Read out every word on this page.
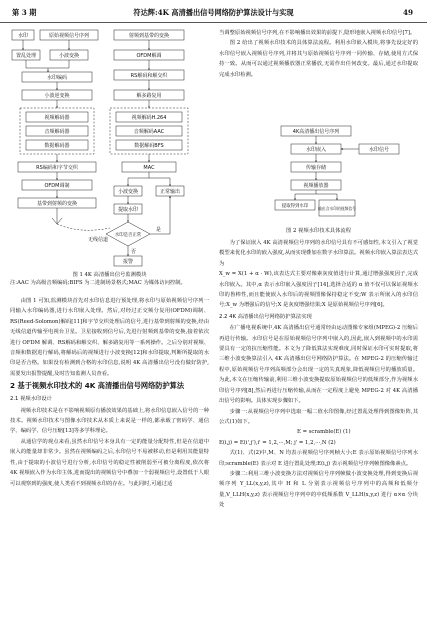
第 3 期	符达辉:4K 高清播出信号网络防护算法设计与实现	49
水印	原始视频信号序列
置乱处理	小波变换
水印编码
小波逆变换
视频解码器
音频解码器
数据解码器
RS编码和字节交织
OFDM调制
基带到射频的变换
无线信道
射频到基带的变换
OFDM解调
RS解码和解交织
解多路复用
视频解码H.264
音频解码AAC
数据解码BFS
MAC
小波变换	正常输出
提取水印
水印是否正常
是
否
报警
图 1 4K 高清播出信号监测模块
注:AAC 为高级音频编码;BIFS 为二进制场景格式;MAC 为媒体访问控制。

由图 1 可知,监测模块首先对水印信息进行预处理,将水印与原始视频信号序列一同输入水印编码器,进行水印嵌入处理。然后,对经过正交频分复用(OFDM)调制、RS(Reed-Solomon)解码[11]和字节交织处理后的信号,进行基带到射频的变换,经由无线信道传输至电视台卫星。卫星接收到信号后,先进行射频到基带的变换,接着依次进行 OFDM 解调、RS解码和解交织、解多路复用等一系列操作。之后分别对视频、音频和数据进行解码,将解码后的视频进行小波变换[12]和水印提取,判断所提取的水印是否合格。如果没有检测到合格的水印信息,说明 4K 高清播出信号没有做好防护,需要发出报警提醒,及时告知监测人员查看。

2 基于视频水印技术的 4K 高清播出信号网络防护算法
2.1 视频水印设计

视频水印技术是在不影响视频原有播放效果的基础上,将水印信息嵌入信号的一种技术。视频水印技术与图像水印技术从本质上来说是一样的,都承载了密码学、通信学、编码学、信号压缩[13]等多学科理论。

从通信学的观点来看,虽然水印信号本身具有一定的能量分配特性,但是在信道中嵌入的能量却非常少。虽然在视频编码之后,水印信号不易被移动,但是利用其能量特性,由于提取的小波信号进行分析,水印信号的稳定性被削弱至可被分离程度,依次将 4K 视频嵌入作为水印主体,进而提出的视频信号中叠加一个弱视频信号,设置低于人眼可以观察到的强度,使人类看不到视频水印的存在。与此同时,可通过适

当调整原始视频信号序列,在不影响播出效果的前提下,隐形地嵌入视频水印信号[7]。

图 2 给出了视频水印技术的具体算法流程。利用水印嵌入模块,将事先设定好的水印信号嵌入视频信号序列,并将其与原始视频信号序列一同传输、存储,使用方式保持一致。从而可以通过视频播放器正常播放,无需作出任何改变。最后,通过水印提取完成水印检测。

4K高清播出信号序列
水印嵌入	水印信号
传输存储
视频播放器
提取得到水印	输出含水印的视频信号
图 2 视频水印技术具体流程

为了保证嵌入 4K 高清视频信号序列的水印信号具有不可感知性,本文引入了视觉模型来优化水印的嵌入强度,从而实现叠加在数字水印算法。视频水印嵌入算法表达式为

X_w = X(1 + α · W),该表达式主要对像素灰度值进行计算,通过增强强度因子,完成水印嵌入。其中,α 表示水印嵌入强度因子[14],选择合适的 α 值不仅可以保证视频水印的鲁棒性,而且能使嵌入水印后的视频图像保持稳定不变;W 表示所嵌入的水印信号;X_w 为增强后的信号;X 是灰度增强结果;X 是原始视频信号序列[6]。

2.2 4K 高清播出信号网络防护算法实现

在广播电视系统中,4K 高清播出信号通常经由运动图像专家组(MPEG)-2 压缩后再进行传输。水印信号是在原始视频信号序列中嵌入的,因此,嵌入到视频中的水印需要具有一定的抗压缩性能。本文为了降低算法实现难度,同时保证水印可实时提取,将三维小波变换算法引入 4K 高清播出信号网络防护算法。在 MPEG-2 的压缩传输过程中,原始视频信号序列高频部分会出现一定的失真现象,降低视频信号的播放质量。为此,本文在压缩传输前,利用三维小波变换提取原始视频信号的低频部分,作为视频水印信号序列[8],然后再进行压缩传输,从而在一定程度上避免 MPEG-2 对 4K 高清播出信号的影响。具体实现步骤如下。

步骤一:从视频信号序列中选取一幅二值水印图像,经过置乱处理得到图像矩阵,其公式(1)如下。

E = scramble(E) (1)

E(i,j) = E(i',j'),i' = 1,2,···,M; j' = 1,2,···,N (2)

式(1)、式(2)中,M、N 均表示视频信号序列帧大小;E 表示原始视频信号序列水印;scramble(E) 表示对 E 进行置乱处理;E(i,j) 表示视频信号序列帧图像像素点。

步骤二:利用三维小波变换方法对视频信号序列帧做小波变换处理,得到变换后视频序列 Y_LL(x,y,z),其中 H 和 L 分别表示视频信号序列中的高频和低频分量,V_LLH(x,y,z) 表示视频信号序列中的中低频系数 V_LLH(x,y,z) 进行 α×α 分块处
